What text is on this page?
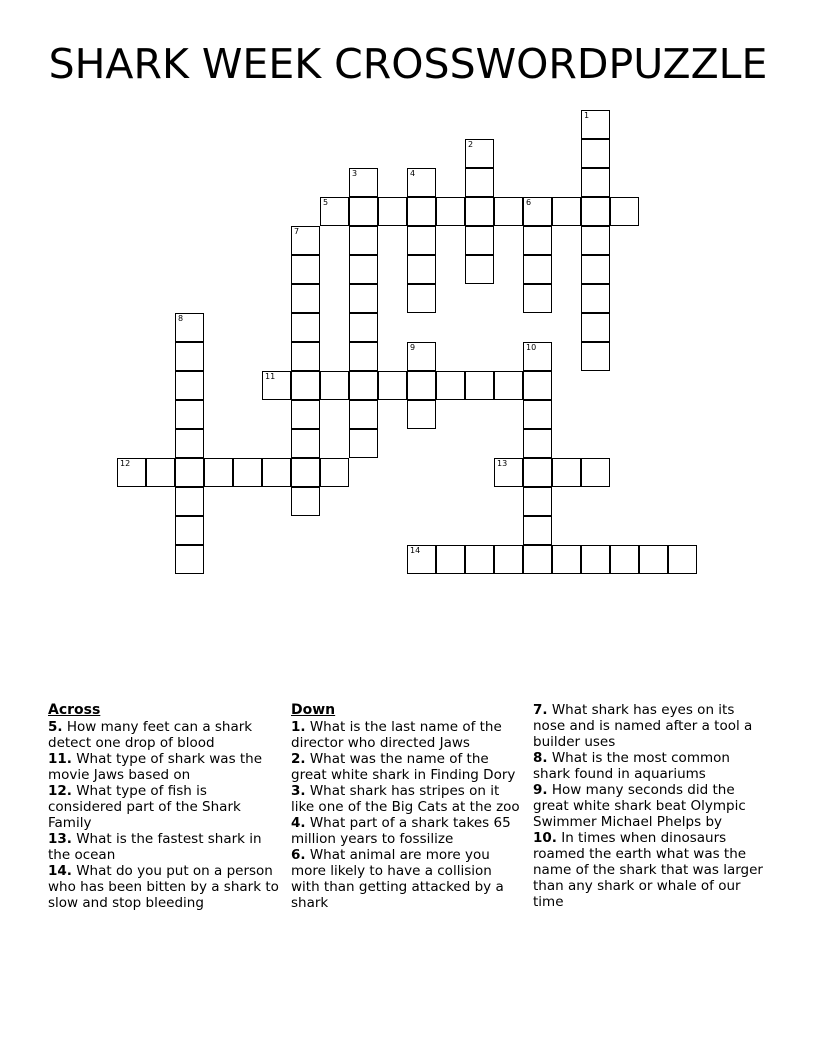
SHARK WEEK CROSSWORDPUZZLE
1
2
3	4
5	6
7
8
9	10
11
12	13
14
Across
5. How many feet can a shark detect one drop of blood
11. What type of shark was the movie Jaws based on
12. What type of fish is considered part of the Shark Family
13. What is the fastest shark in the ocean
14. What do you put on a person who has been bitten by a shark to slow and stop bleeding
Down
1. What is the last name of the director who directed Jaws
2. What was the name of the great white shark in Finding Dory
3. What shark has stripes on it like one of the Big Cats at the zoo
4. What part of a shark takes 65 million years to fossilize
6. What animal are more you more likely to have a collision with than getting attacked by a shark
7. What shark has eyes on its nose and is named after a tool a builder uses
8. What is the most common shark found in aquariums
9. How many seconds did the great white shark beat Olympic Swimmer Michael Phelps by
10. In times when dinosaurs roamed the earth what was the name of the shark that was larger than any shark or whale of our time
